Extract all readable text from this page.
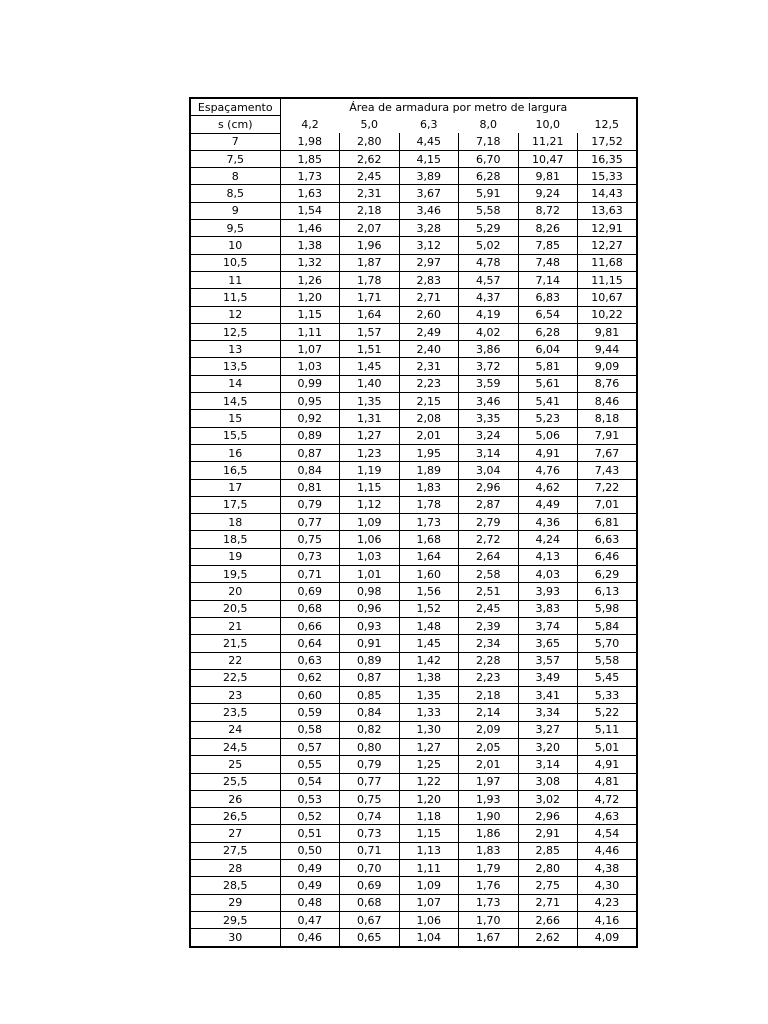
Espaçamento	Área de armadura por metro de largura					
s (cm)	4,2	5,0	6,3	8,0	10,0	12,5
7	1,98	2,80	4,45	7,18	11,21	17,52
7,5	1,85	2,62	4,15	6,70	10,47	16,35
8	1,73	2,45	3,89	6,28	9,81	15,33
8,5	1,63	2,31	3,67	5,91	9,24	14,43
9	1,54	2,18	3,46	5,58	8,72	13,63
9,5	1,46	2,07	3,28	5,29	8,26	12,91
10	1,38	1,96	3,12	5,02	7,85	12,27
10,5	1,32	1,87	2,97	4,78	7,48	11,68
11	1,26	1,78	2,83	4,57	7,14	11,15
11,5	1,20	1,71	2,71	4,37	6,83	10,67
12	1,15	1,64	2,60	4,19	6,54	10,22
12,5	1,11	1,57	2,49	4,02	6,28	9,81
13	1,07	1,51	2,40	3,86	6,04	9,44
13,5	1,03	1,45	2,31	3,72	5,81	9,09
14	0,99	1,40	2,23	3,59	5,61	8,76
14,5	0,95	1,35	2,15	3,46	5,41	8,46
15	0,92	1,31	2,08	3,35	5,23	8,18
15,5	0,89	1,27	2,01	3,24	5,06	7,91
16	0,87	1,23	1,95	3,14	4,91	7,67
16,5	0,84	1,19	1,89	3,04	4,76	7,43
17	0,81	1,15	1,83	2,96	4,62	7,22
17,5	0,79	1,12	1,78	2,87	4,49	7,01
18	0,77	1,09	1,73	2,79	4,36	6,81
18,5	0,75	1,06	1,68	2,72	4,24	6,63
19	0,73	1,03	1,64	2,64	4,13	6,46
19,5	0,71	1,01	1,60	2,58	4,03	6,29
20	0,69	0,98	1,56	2,51	3,93	6,13
20,5	0,68	0,96	1,52	2,45	3,83	5,98
21	0,66	0,93	1,48	2,39	3,74	5,84
21,5	0,64	0,91	1,45	2,34	3,65	5,70
22	0,63	0,89	1,42	2,28	3,57	5,58
22,5	0,62	0,87	1,38	2,23	3,49	5,45
23	0,60	0,85	1,35	2,18	3,41	5,33
23,5	0,59	0,84	1,33	2,14	3,34	5,22
24	0,58	0,82	1,30	2,09	3,27	5,11
24,5	0,57	0,80	1,27	2,05	3,20	5,01
25	0,55	0,79	1,25	2,01	3,14	4,91
25,5	0,54	0,77	1,22	1,97	3,08	4,81
26	0,53	0,75	1,20	1,93	3,02	4,72
26,5	0,52	0,74	1,18	1,90	2,96	4,63
27	0,51	0,73	1,15	1,86	2,91	4,54
27,5	0,50	0,71	1,13	1,83	2,85	4,46
28	0,49	0,70	1,11	1,79	2,80	4,38
28,5	0,49	0,69	1,09	1,76	2,75	4,30
29	0,48	0,68	1,07	1,73	2,71	4,23
29,5	0,47	0,67	1,06	1,70	2,66	4,16
30	0,46	0,65	1,04	1,67	2,62	4,09
